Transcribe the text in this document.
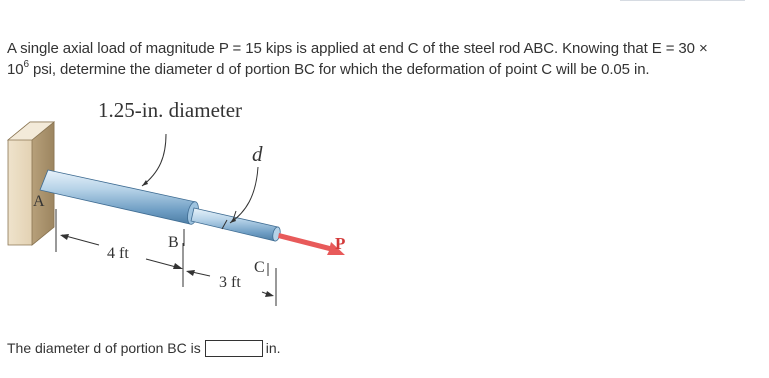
A single axial load of magnitude P = 15 kips is applied at end C of the steel rod ABC. Knowing that E = 30 ×
$10^6$ psi, determine the diameter d of portion BC for which the deformation of point C will be 0.05 in.
1.25-in. diameter
d
A
B
C
P
4 ft
3 ft
The diameter d of portion BC is	in.
